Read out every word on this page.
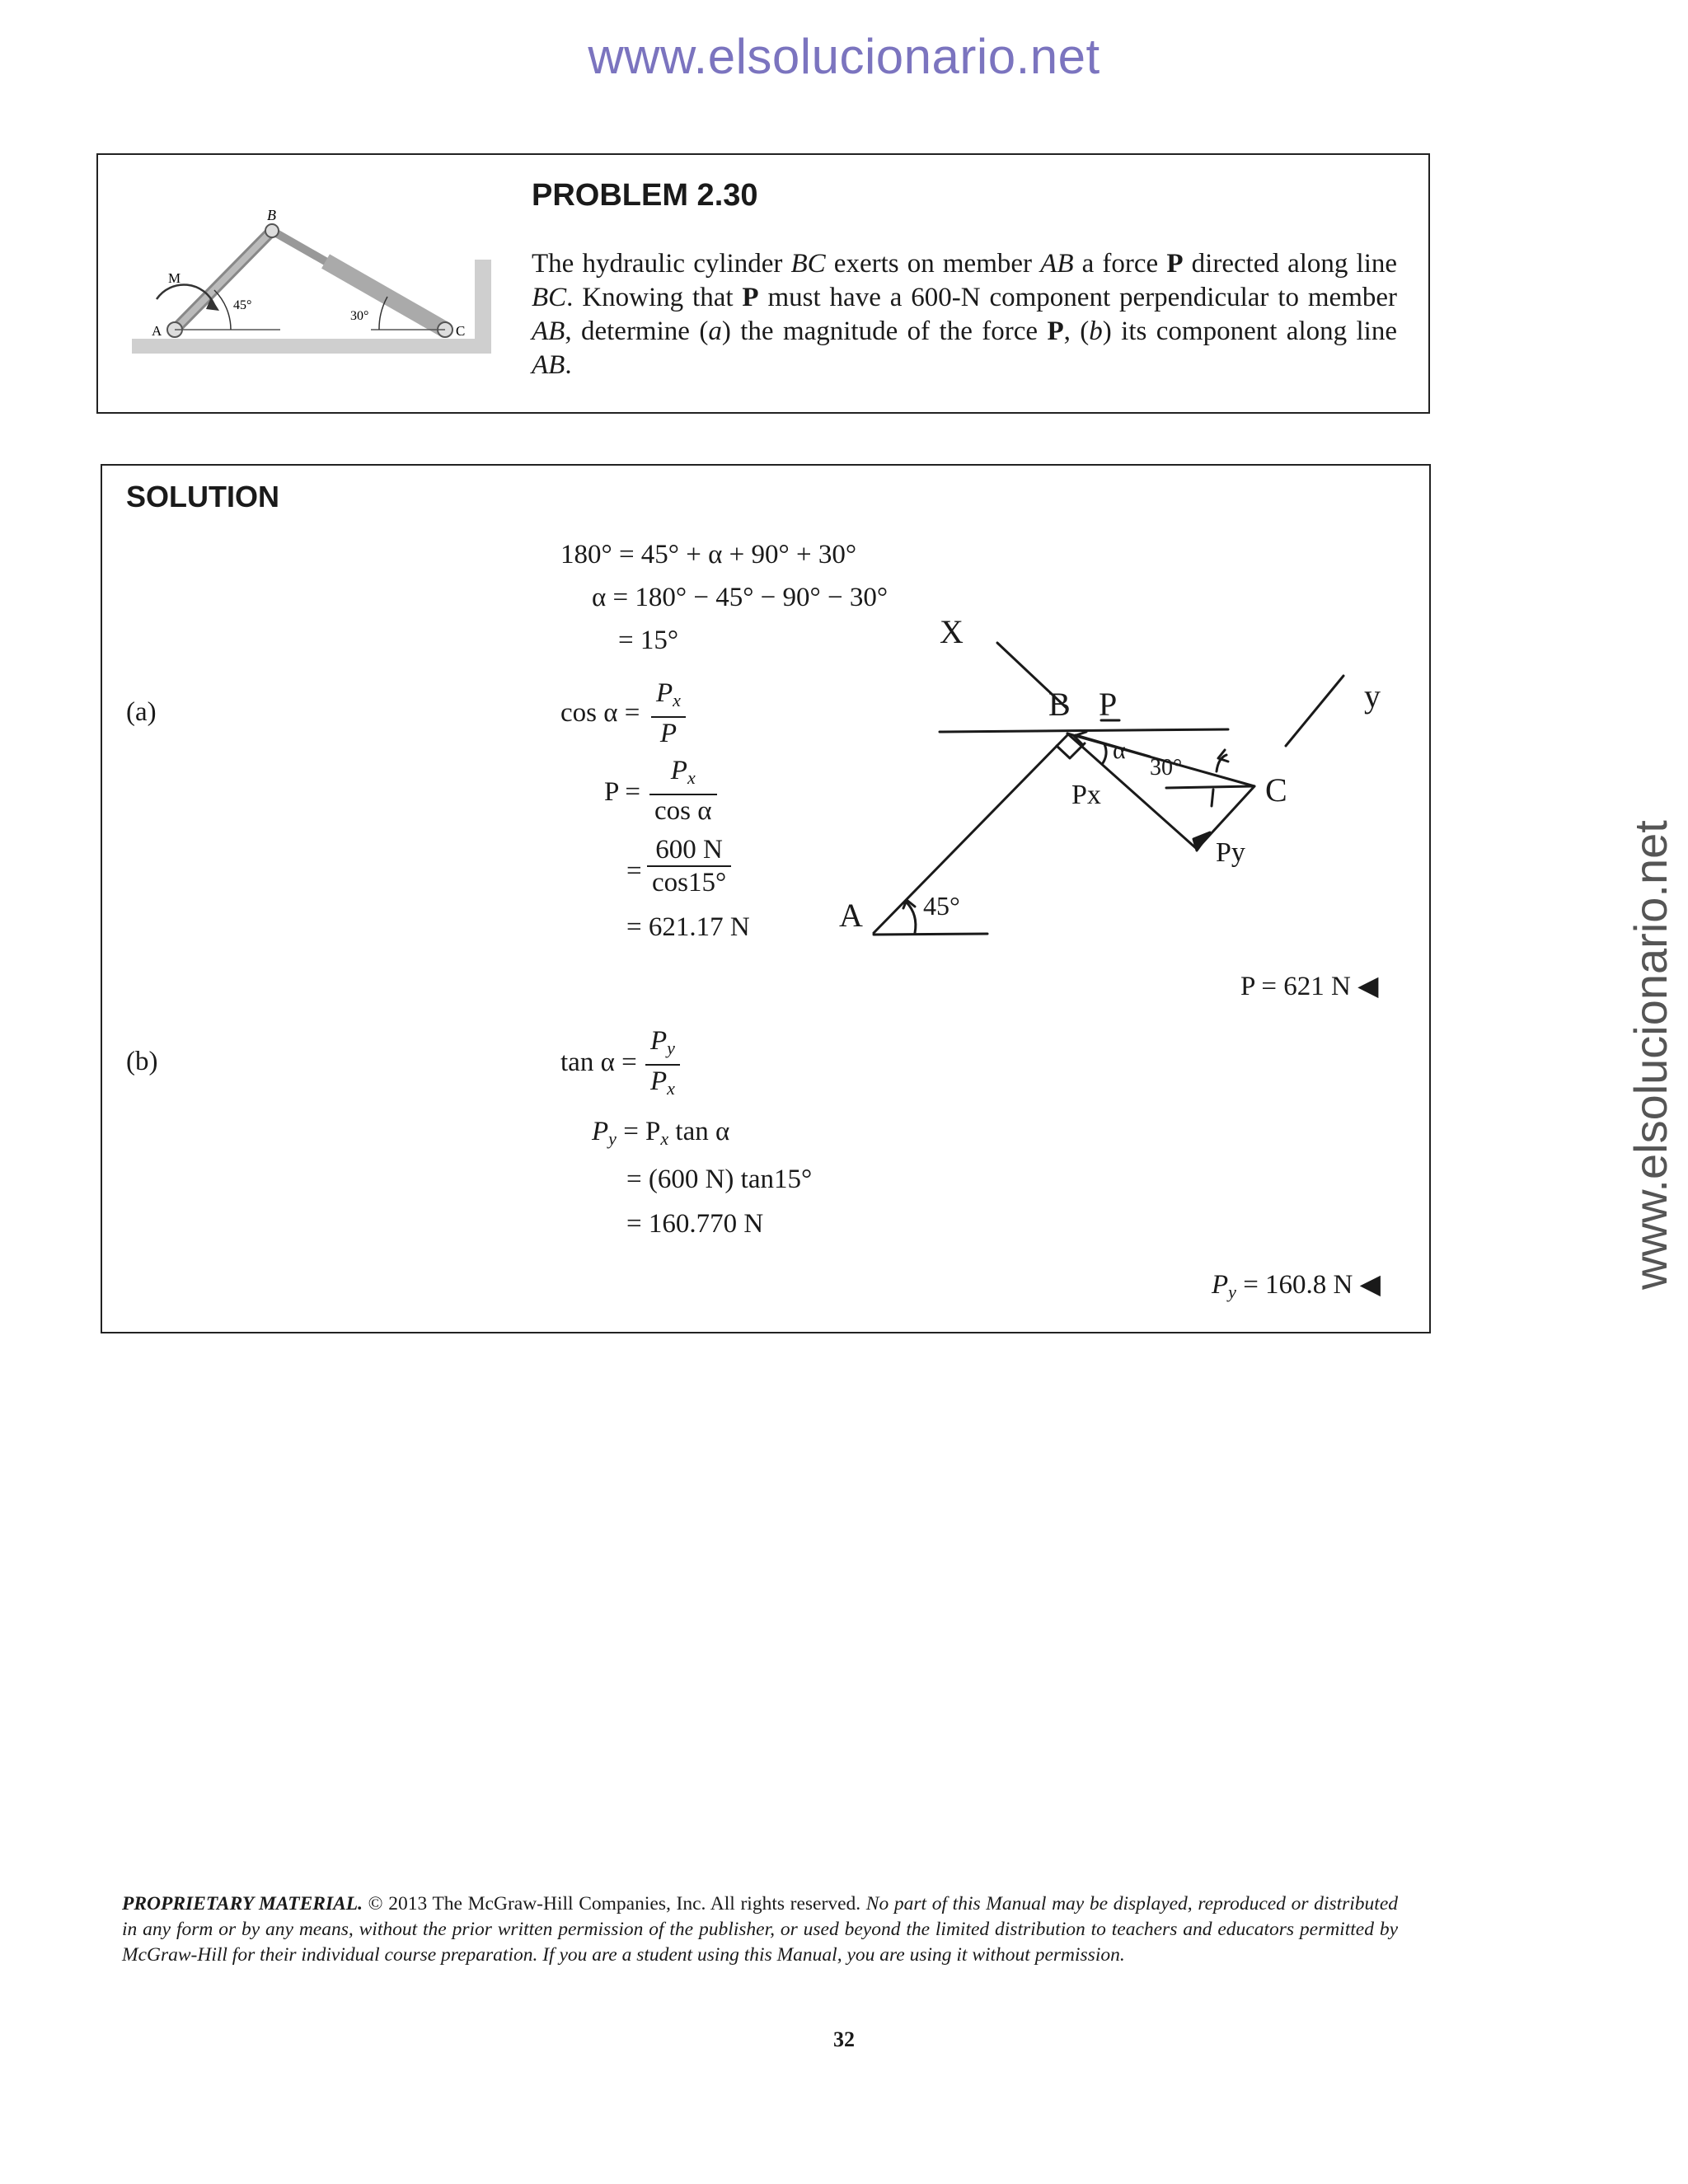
www.elsolucionario.net
www.elsolucionario.net
B
M
A	C
45°
30°
PROBLEM 2.30
The hydraulic cylinder BC exerts on member AB a force P directed along line BC. Knowing that P must have a 600-N component perpendicular to member AB, determine (a) the magnitude of the force P, (b) its component along line AB.
SOLUTION
180° = 45° + α + 90° + 30°
α = 180° − 45° − 90° − 30°
= 15°
(a)	$\cos \alpha = \frac{P_x}{P}$
$P = \frac{P_x}{\text{cos α}}$
= $\frac{600 N}{\cos 15^\circ}$
= 621.17 N
P = 621 N ◀
(b)	$\tan \alpha = \frac{P_y}{P_x}$
$P_y = P_x$ tan α
= (600 N) tan15°
= 160.770 N
$P_y = 160.8$ N ◀
X
y
B P
C
A
Px
Py
α
30°
45°
PROPRIETARY MATERIAL. © 2013 The McGraw-Hill Companies, Inc. All rights reserved. No part of this Manual may be displayed, reproduced or distributed in any form or by any means, without the prior written permission of the publisher, or used beyond the limited distribution to teachers and educators permitted by McGraw-Hill for their individual course preparation. If you are a student using this Manual, you are using it without permission.
32
